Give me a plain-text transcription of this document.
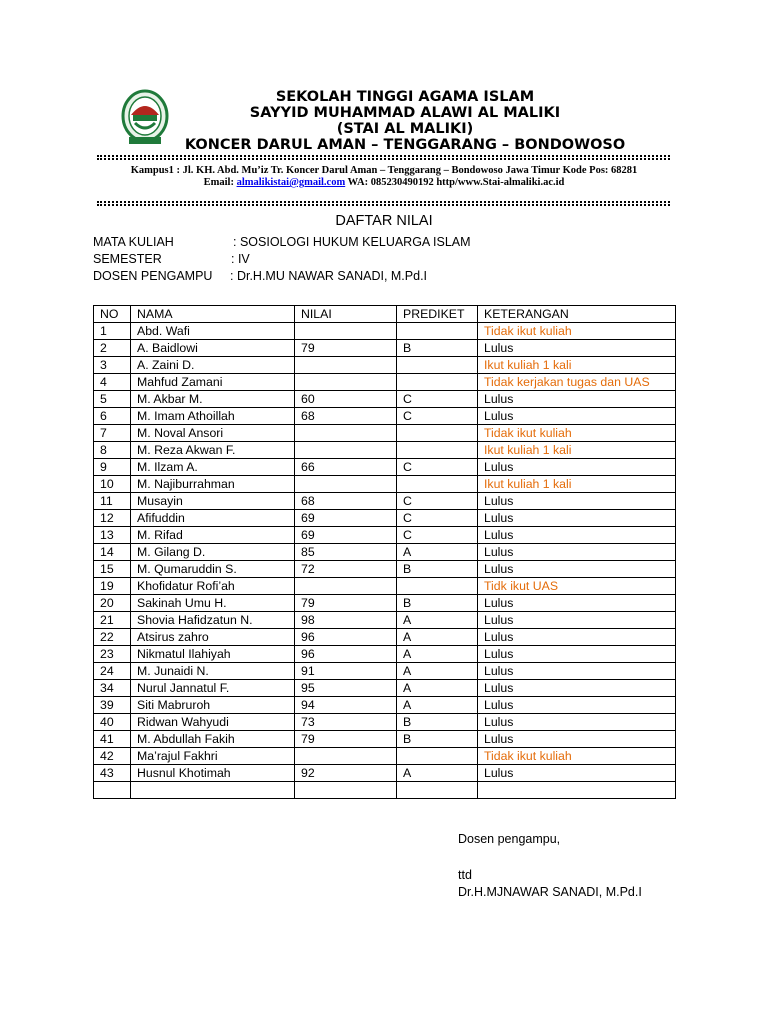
SEKOLAH TINGGI AGAMA ISLAM
SAYYID MUHAMMAD ALAWI AL MALIKI
(STAI AL MALIKI)
KONCER DARUL AMAN – TENGGARANG – BONDOWOSO
Kampus1 : Jl. KH. Abd. Mu’iz Tr. Koncer Darul Aman – Tenggarang – Bondowoso Jawa Timur Kode Pos: 68281
Email: almalikistai@gmail.com WA: 085230490192 http/www.Stai-almaliki.ac.id
DAFTAR NILAI
MATA KULIAH	: SOSIOLOGI HUKUM KELUARGA ISLAM
SEMESTER	: IV
DOSEN PENGAMPU : Dr.H.MU NAWAR SANADI, M.Pd.I
NO	NAMA	NILAI	PREDIKET	KETERANGAN
1	Abd. Wafi			Tidak ikut kuliah
2	A. Baidlowi	79	B	Lulus
3	A. Zaini D.			Ikut kuliah 1 kali
4	Mahfud Zamani			Tidak kerjakan tugas dan UAS
5	M. Akbar M.	60	C	Lulus
6	M. Imam Athoillah	68	C	Lulus
7	M. Noval Ansori			Tidak ikut kuliah
8	M. Reza Akwan F.			Ikut kuliah 1 kali
9	M. Ilzam A.	66	C	Lulus
10	M. Najiburrahman			Ikut kuliah 1 kali
11	Musayin	68	C	Lulus
12	Afifuddin	69	C	Lulus
13	M. Rifad	69	C	Lulus
14	M. Gilang D.	85	A	Lulus
15	M. Qumaruddin S.	72	B	Lulus
19	Khofidatur Rofi’ah			Tidk ikut UAS
20	Sakinah Umu H.	79	B	Lulus
21	Shovia Hafidzatun N.	98	A	Lulus
22	Atsirus zahro	96	A	Lulus
23	Nikmatul Ilahiyah	96	A	Lulus
24	M. Junaidi N.	91	A	Lulus
34	Nurul Jannatul F.	95	A	Lulus
39	Siti Mabruroh	94	A	Lulus
40	Ridwan Wahyudi	73	B	Lulus
41	M. Abdullah Fakih	79	B	Lulus
42	Ma’rajul Fakhri			Tidak ikut kuliah
43	Husnul Khotimah	92	A	Lulus

Dosen pengampu,
ttd
Dr.H.MJNAWAR SANADI, M.Pd.I
